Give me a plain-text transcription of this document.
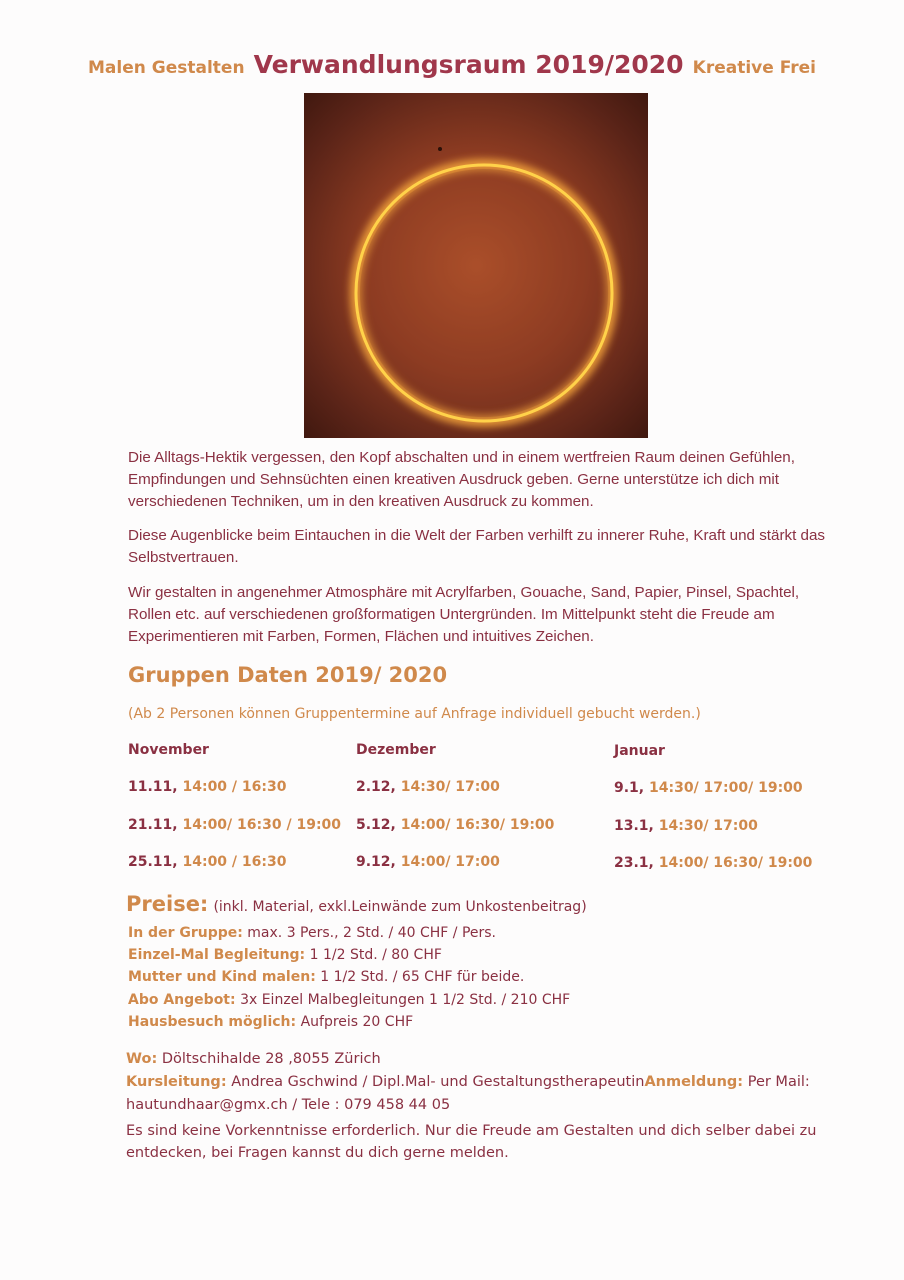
Malen Gestalten Verwandlungsraum 2019/2020 Kreative Frei
Die Alltags-Hektik vergessen, den Kopf abschalten und in einem wertfreien Raum deinen Gefühlen, Empfindungen und Sehnsüchten einen kreativen Ausdruck geben. Gerne unterstütze ich dich mit verschiedenen Techniken, um in den kreativen Ausdruck zu kommen.
Diese Augenblicke beim Eintauchen in die Welt der Farben verhilft zu innerer Ruhe, Kraft und stärkt das Selbstvertrauen.
Wir gestalten in angenehmer Atmosphäre mit Acrylfarben, Gouache, Sand, Papier, Pinsel, Spachtel, Rollen etc. auf verschiedenen großformatigen Untergründen. Im Mittelpunkt steht die Freude am Experimentieren mit Farben, Formen, Flächen und intuitives Zeichen.
Gruppen Daten 2019/ 2020
(Ab 2 Personen können Gruppentermine auf Anfrage individuell gebucht werden.)
November
11.11, 14:00 / 16:30
21.11, 14:00/ 16:30 / 19:00
25.11, 14:00 / 16:30
Dezember
2.12, 14:30/ 17:00
5.12, 14:00/ 16:30/ 19:00
9.12, 14:00/ 17:00
Januar
9.1, 14:30/ 17:00/ 19:00
13.1, 14:30/ 17:00
23.1, 14:00/ 16:30/ 19:00
Preise: (inkl. Material, exkl.Leinwände zum Unkostenbeitrag)
In der Gruppe: max. 3 Pers., 2 Std. / 40 CHF / Pers.
Einzel-Mal Begleitung: 1 1/2 Std. / 80 CHF
Mutter und Kind malen: 1 1/2 Std. / 65 CHF für beide.
Abo Angebot: 3x Einzel Malbegleitungen 1 1/2 Std. / 210 CHF
Hausbesuch möglich: Aufpreis 20 CHF
Wo: Döltschihalde 28 ,8055 Zürich
Kursleitung: Andrea Gschwind / Dipl.Mal- und GestaltungstherapeutinAnmeldung: Per Mail:
hautundhaar@gmx.ch / Tele : 079 458 44 05
Es sind keine Vorkenntnisse erforderlich. Nur die Freude am Gestalten und dich selber dabei zu entdecken, bei Fragen kannst du dich gerne melden.
